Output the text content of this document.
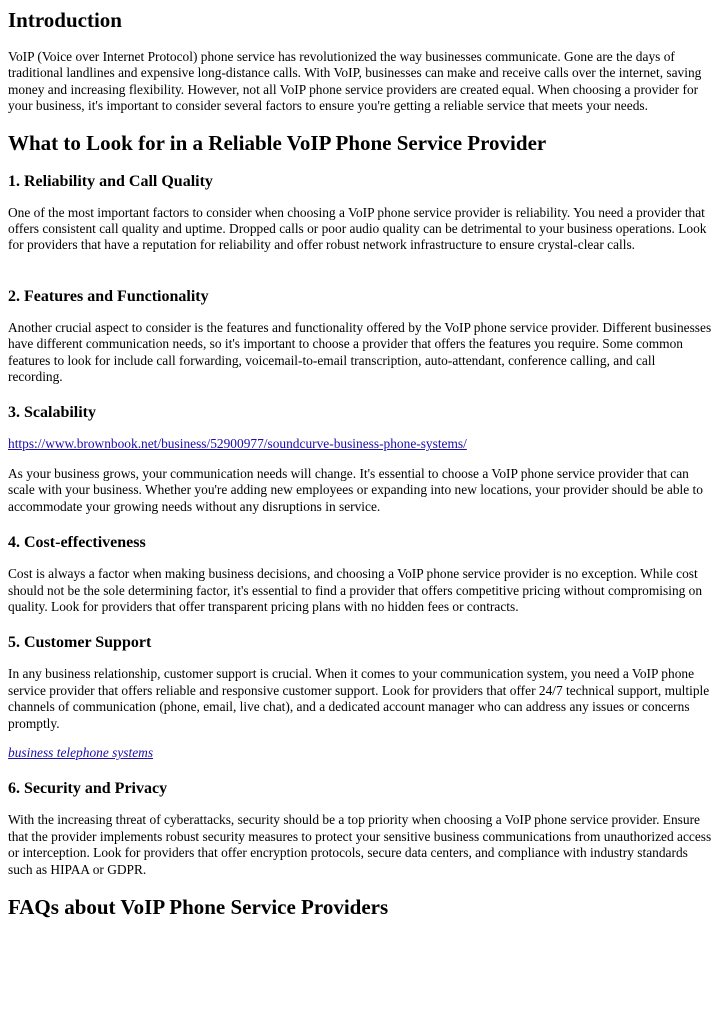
Introduction

VoIP (Voice over Internet Protocol) phone service has revolutionized the way businesses communicate. Gone are the days of traditional landlines and expensive long-distance calls. With VoIP, businesses can make and receive calls over the internet, saving money and increasing flexibility. However, not all VoIP phone service providers are created equal. When choosing a provider for your business, it's important to consider several factors to ensure you're getting a reliable service that meets your needs.

What to Look for in a Reliable VoIP Phone Service Provider
1. Reliability and Call Quality

One of the most important factors to consider when choosing a VoIP phone service provider is reliability. You need a provider that offers consistent call quality and uptime. Dropped calls or poor audio quality can be detrimental to your business operations. Look for providers that have a reputation for reliability and offer robust network infrastructure to ensure crystal-clear calls.

2. Features and Functionality

Another crucial aspect to consider is the features and functionality offered by the VoIP phone service provider. Different businesses have different communication needs, so it's important to choose a provider that offers the features you require. Some common features to look for include call forwarding, voicemail-to-email transcription, auto-attendant, conference calling, and call recording.

3. Scalability

https://www.brownbook.net/business/52900977/soundcurve-business-phone-systems/

As your business grows, your communication needs will change. It's essential to choose a VoIP phone service provider that can scale with your business. Whether you're adding new employees or expanding into new locations, your provider should be able to accommodate your growing needs without any disruptions in service.

4. Cost-effectiveness

Cost is always a factor when making business decisions, and choosing a VoIP phone service provider is no exception. While cost should not be the sole determining factor, it's essential to find a provider that offers competitive pricing without compromising on quality. Look for providers that offer transparent pricing plans with no hidden fees or contracts.

5. Customer Support

In any business relationship, customer support is crucial. When it comes to your communication system, you need a VoIP phone service provider that offers reliable and responsive customer support. Look for providers that offer 24/7 technical support, multiple channels of communication (phone, email, live chat), and a dedicated account manager who can address any issues or concerns promptly.

business telephone systems

6. Security and Privacy

With the increasing threat of cyberattacks, security should be a top priority when choosing a VoIP phone service provider. Ensure that the provider implements robust security measures to protect your sensitive business communications from unauthorized access or interception. Look for providers that offer encryption protocols, secure data centers, and compliance with industry standards such as HIPAA or GDPR.

FAQs about VoIP Phone Service Providers
